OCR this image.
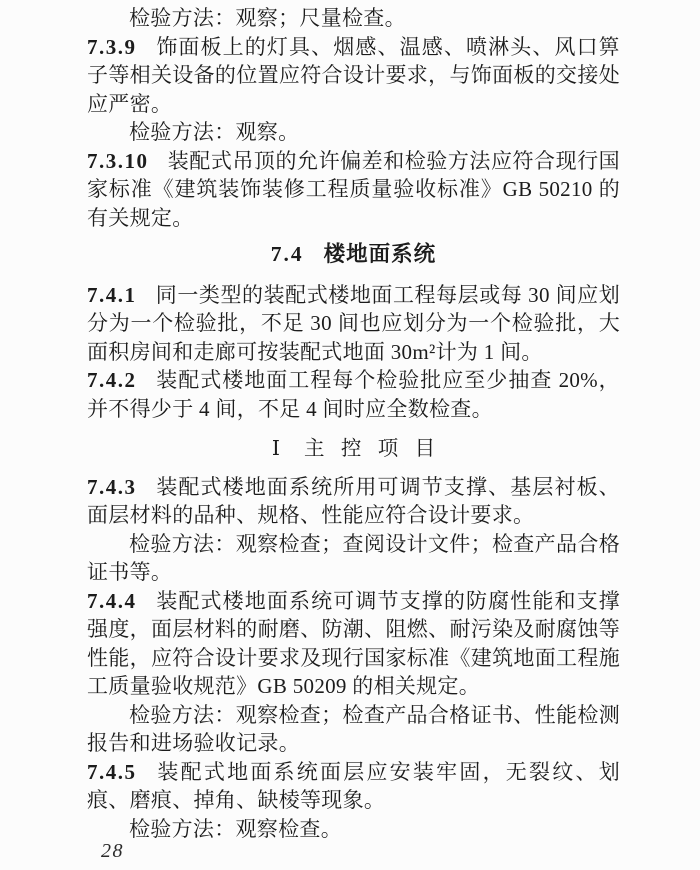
检验方法：观察；尺量检查。

7.3.9 饰面板上的灯具、烟感、温感、喷淋头、风口箅子等相关设备的位置应符合设计要求，与饰面板的交接处应严密。

检验方法：观察。

7.3.10 装配式吊顶的允许偏差和检验方法应符合现行国家标准《建筑装饰装修工程质量验收标准》GB 50210 的有关规定。

7.4 楼地面系统

7.4.1 同一类型的装配式楼地面工程每层或每 30 间应划分为一个检验批，不足 30 间也应划分为一个检验批，大面积房间和走廊可按装配式地面 30m²计为 1 间。

7.4.2 装配式楼地面工程每个检验批应至少抽查 20%，并不得少于 4 间，不足 4 间时应全数检查。

Ⅰ 主控项目

7.4.3 装配式楼地面系统所用可调节支撑、基层衬板、面层材料的品种、规格、性能应符合设计要求。

检验方法：观察检查；查阅设计文件；检查产品合格证书等。

7.4.4 装配式楼地面系统可调节支撑的防腐性能和支撑强度，面层材料的耐磨、防潮、阻燃、耐污染及耐腐蚀等性能，应符合设计要求及现行国家标准《建筑地面工程施工质量验收规范》GB 50209 的相关规定。

检验方法：观察检查；检查产品合格证书、性能检测报告和进场验收记录。

7.4.5 装配式地面系统面层应安装牢固，无裂纹、划痕、磨痕、掉角、缺棱等现象。

检验方法：观察检查。

28
